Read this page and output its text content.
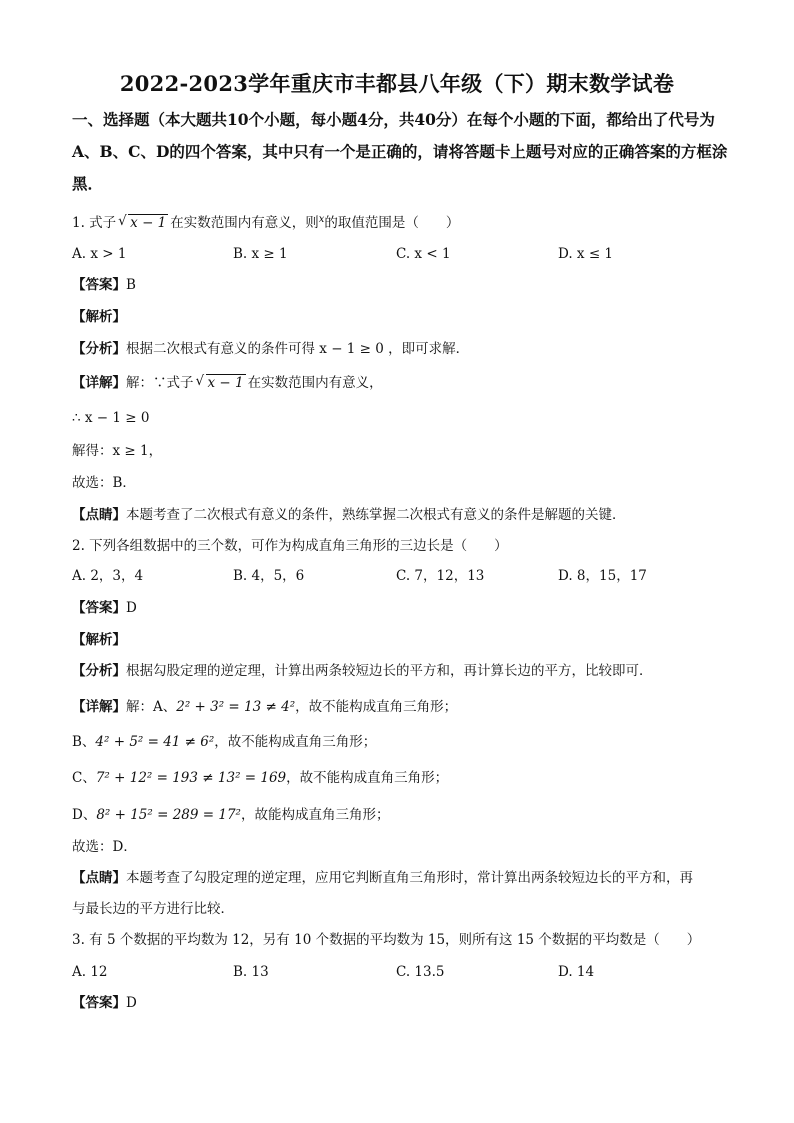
2022-2023学年重庆市丰都县八年级（下）期末数学试卷
一、选择题（本大题共10个小题，每小题4分，共40分）在每个小题的下面，都给出了代号为A、B、C、D的四个答案，其中只有一个是正确的，请将答题卡上题号对应的正确答案的方框涂黑．
1. 式子 √ x − 1 在实数范围内有意义，则$^x$的取值范围是（　　）
A. x > 1	B. x ≥ 1	C. x < 1	D. x ≤ 1
【答案】B
【解析】
【分析】根据二次根式有意义的条件可得 x − 1 ≥ 0 ，即可求解．
【详解】解：∵式子 √ x − 1 在实数范围内有意义，
∴ x − 1 ≥ 0
解得：x ≥ 1，
故选：B．
【点睛】本题考查了二次根式有意义的条件，熟练掌握二次根式有意义的条件是解题的关键．
2. 下列各组数据中的三个数，可作为构成直角三角形的三边长是（　　）
A. 2，3，4	B. 4，5，6	C. 7，12，13	D. 8，15，17
【答案】D
【解析】
【分析】根据勾股定理的逆定理，计算出两条较短边长的平方和，再计算长边的平方，比较即可．
【详解】解：A、2² + 3² = 13 ≠ 4²，故不能构成直角三角形；
B、4² + 5² = 41 ≠ 6²，故不能构成直角三角形；
C、7² + 12² = 193 ≠ 13² = 169，故不能构成直角三角形；
D、8² + 15² = 289 = 17²，故能构成直角三角形；
故选：D．
【点睛】本题考查了勾股定理的逆定理，应用它判断直角三角形时，常计算出两条较短边长的平方和，再
与最长边的平方进行比较．
3. 有 5 个数据的平均数为 12，另有 10 个数据的平均数为 15，则所有这 15 个数据的平均数是（　　）
A. 12	B. 13	C. 13.5	D. 14
【答案】D
